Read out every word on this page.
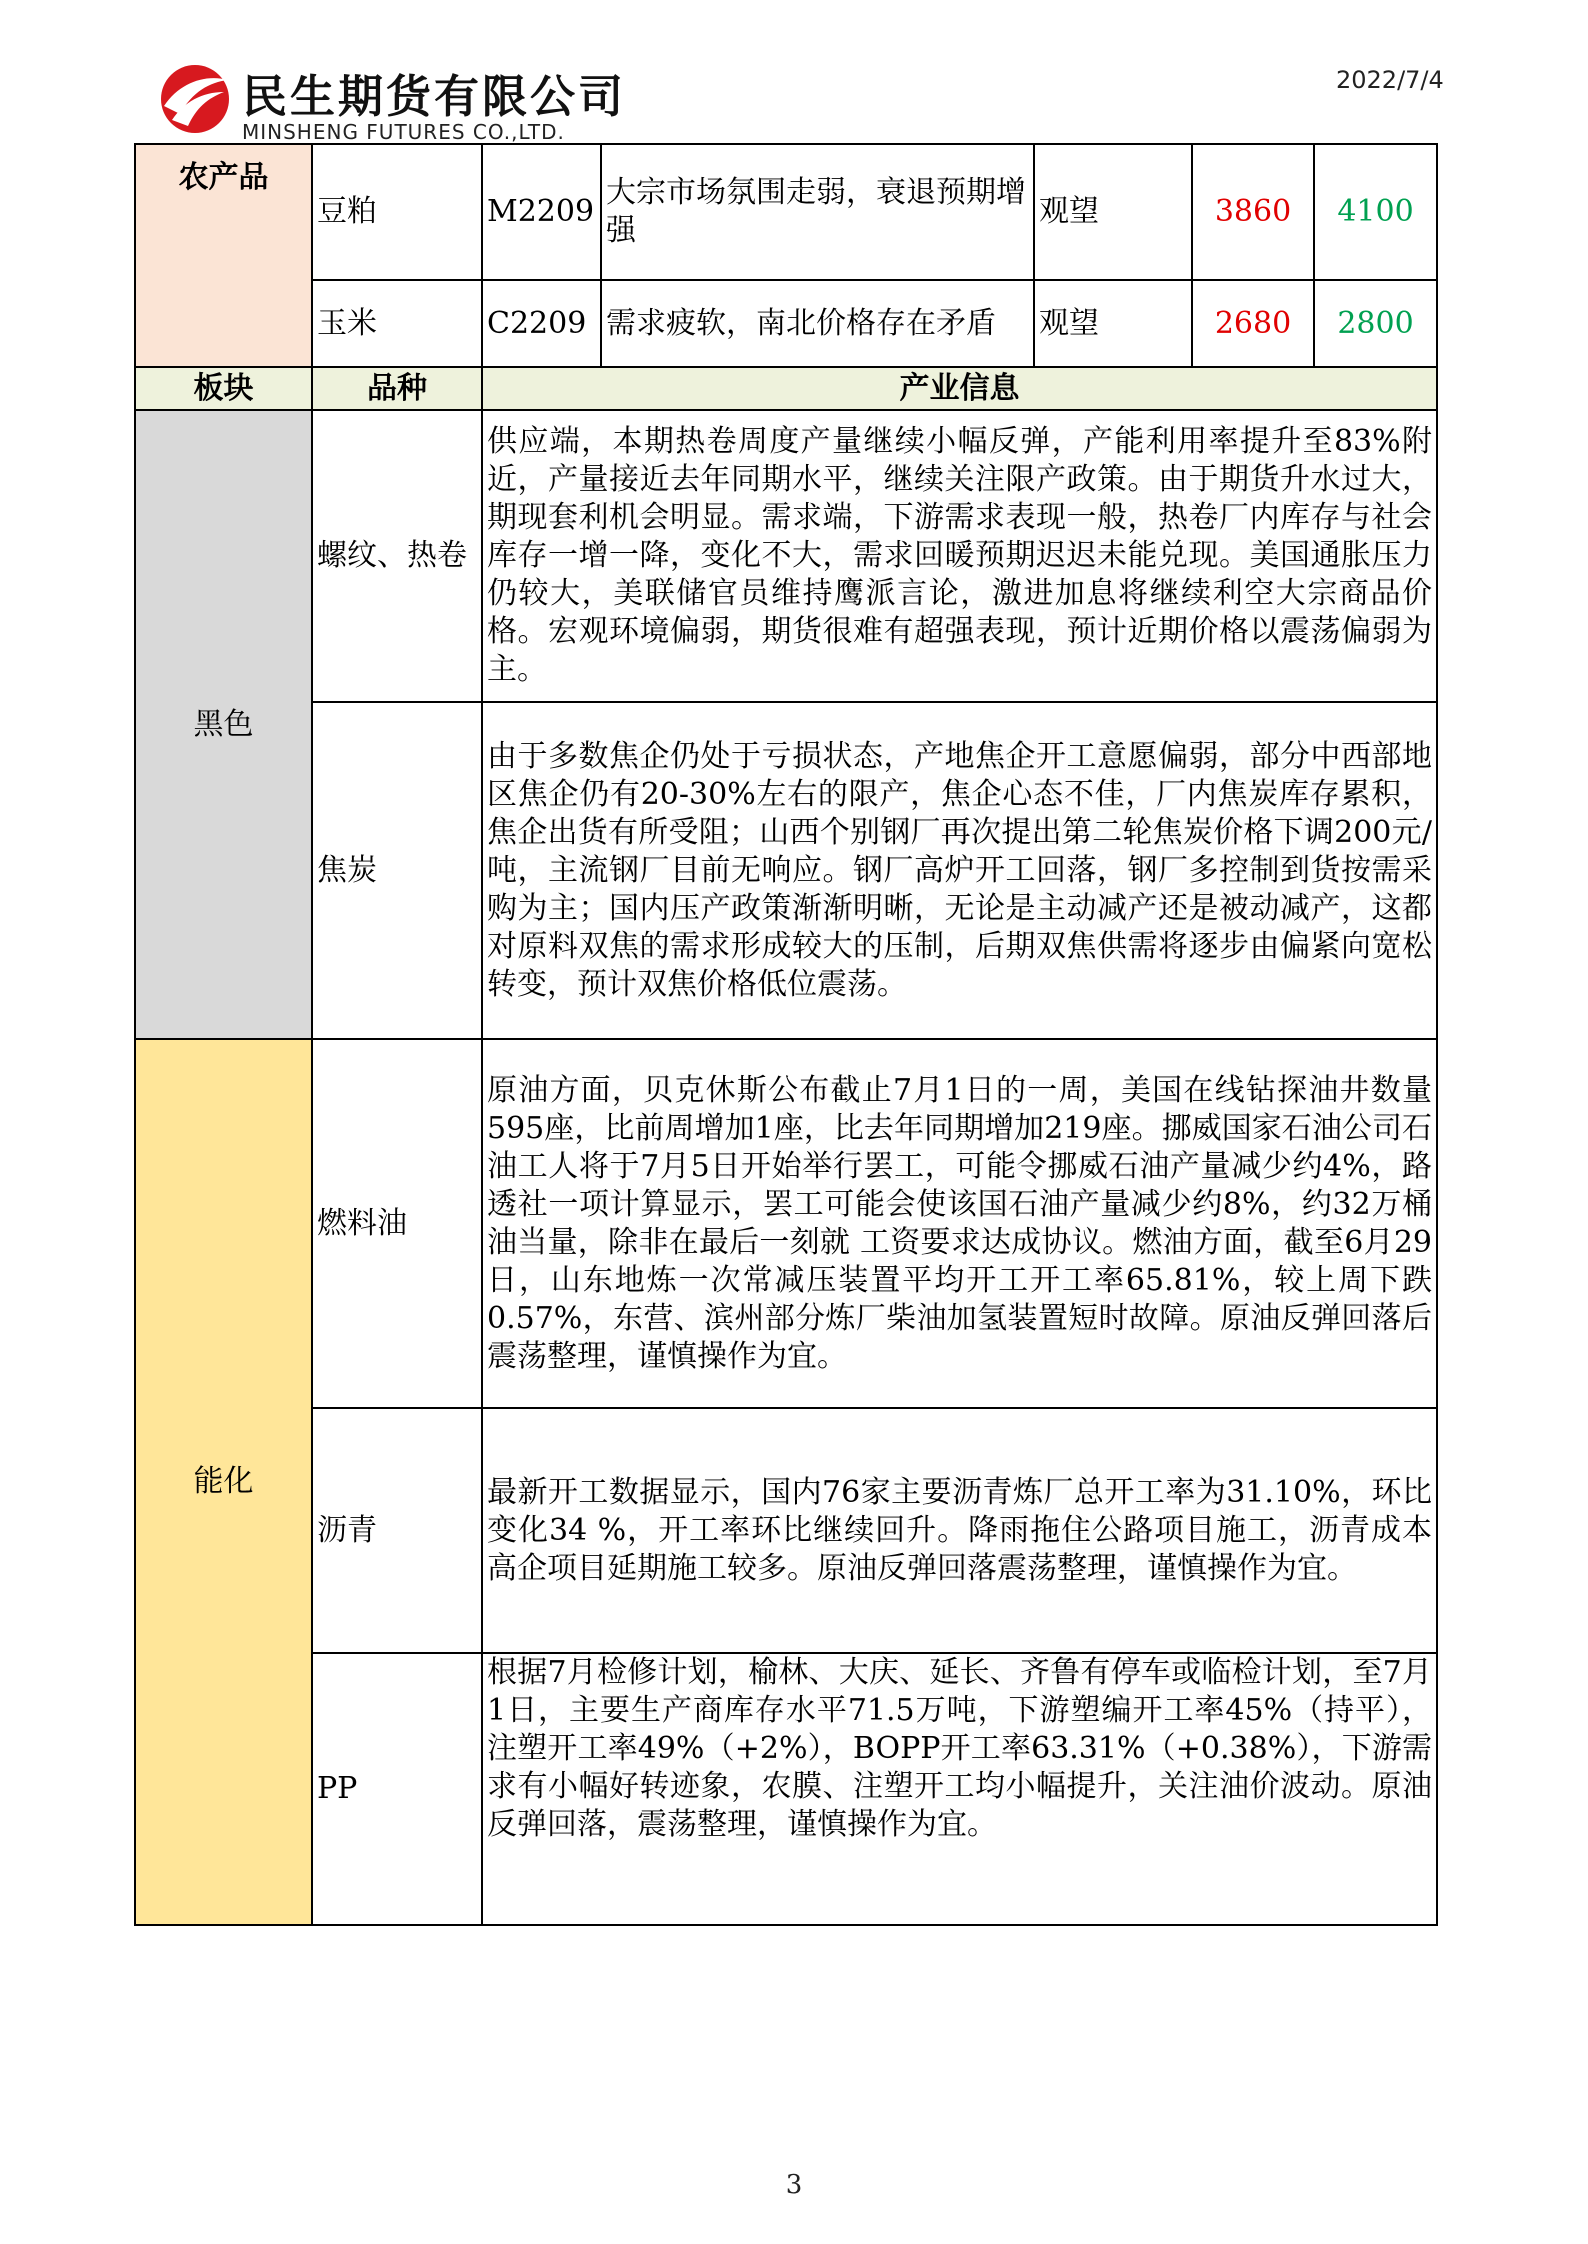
民生期货有限公司
MINSHENG FUTURES CO.,LTD.
2022/7/4
农产品	豆粕	M2209	大宗市场氛围走弱，衰退预期增强	观望	3860	4100
	玉米	C2209	需求疲软，南北价格存在矛盾	观望	2680	2800
板块	品种	产业信息				
黑色	螺纹、热卷	供应端，本期热卷周度产量继续小幅反弹，产能利用率提升至83%附近，产量接近去年同期水平，继续关注限产政策。由于期货升水过大，期现套利机会明显。需求端，下游需求表现一般，热卷厂内库存与社会库存一增一降，变化不大，需求回暖预期迟迟未能兑现。美国通胀压力仍较大，美联储官员维持鹰派言论，激进加息将继续利空大宗商品价格。宏观环境偏弱，期货很难有超强表现，预计近期价格以震荡偏弱为主。				
	焦炭	由于多数焦企仍处于亏损状态，产地焦企开工意愿偏弱，部分中西部地区焦企仍有20-30%左右的限产，焦企心态不佳，厂内焦炭库存累积，焦企出货有所受阻；山西个别钢厂再次提出第二轮焦炭价格下调200元/吨，主流钢厂目前无响应。钢厂高炉开工回落，钢厂多控制到货按需采购为主；国内压产政策渐渐明晰，无论是主动减产还是被动减产，这都对原料双焦的需求形成较大的压制，后期双焦供需将逐步由偏紧向宽松转变，预计双焦价格低位震荡。				
能化	燃料油	原油方面，贝克休斯公布截止7月1日的一周，美国在线钻探油井数量595座，比前周增加1座，比去年同期增加219座。挪威国家石油公司石油工人将于7月5日开始举行罢工，可能令挪威石油产量减少约4%，路透社一项计算显示，罢工可能会使该国石油产量减少约8%，约32万桶油当量，除非在最后一刻就 工资要求达成协议。燃油方面，截至6月29日，山东地炼一次常减压装置平均开工开工率65.81%，较上周下跌0.57%，东营、滨州部分炼厂柴油加氢装置短时故障。原油反弹回落后震荡整理，谨慎操作为宜。				
	沥青	最新开工数据显示，国内76家主要沥青炼厂总开工率为31.10%，环比变化34 %，开工率环比继续回升。降雨拖住公路项目施工，沥青成本高企项目延期施工较多。原油反弹回落震荡整理，谨慎操作为宜。				
	PP	根据7月检修计划，榆林、大庆、延长、齐鲁有停车或临检计划，至7月1日，主要生产商库存水平71.5万吨，下游塑编开工率45%（持平），注塑开工率49%（+2%），BOPP开工率63.31%（+0.38%），下游需求有小幅好转迹象，农膜、注塑开工均小幅提升，关注油价波动。原油反弹回落，震荡整理，谨慎操作为宜。				
3
